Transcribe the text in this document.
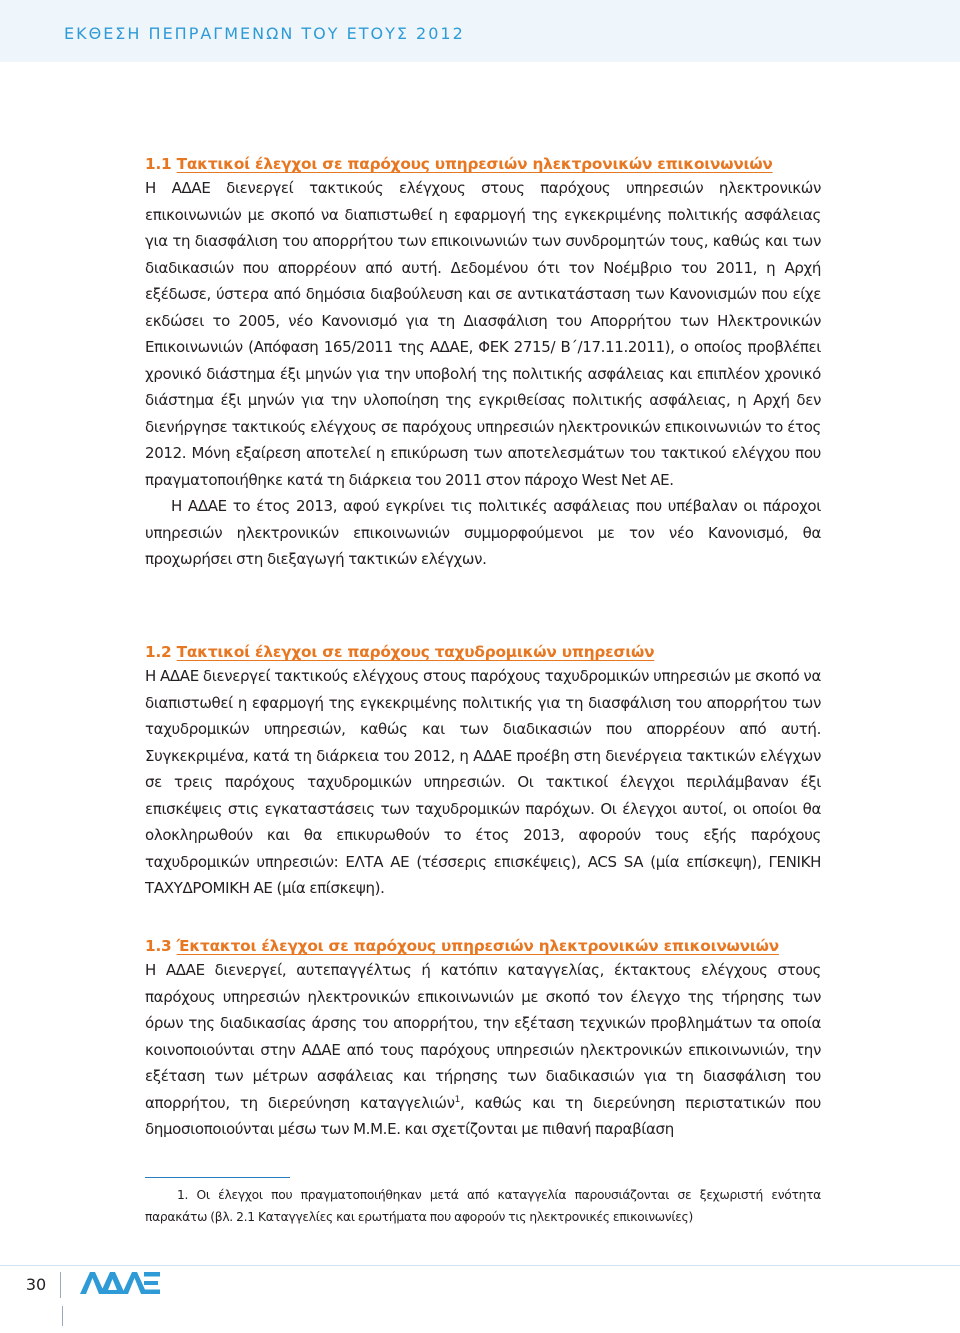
ΕΚΘΕΣΗ ΠΕΠΡΑΓΜΕΝΩΝ ΤΟΥ ΕΤΟΥΣ 2012
1.1 Τακτικοί έλεγχοι σε παρόχους υπηρεσιών ηλεκτρονικών επικοινωνιών

Η ΑΔΑΕ διενεργεί τακτικούς ελέγχους στους παρόχους υπηρεσιών ηλεκτρονικών επικοινωνιών με σκοπό να διαπιστωθεί η εφαρμογή της εγκεκριμένης πολιτικής ασφάλειας για τη διασφάλιση του απορρήτου των επικοινωνιών των συνδρομητών τους, καθώς και των διαδικασιών που απορρέουν από αυτή. Δεδομένου ότι τον Νοέμβριο του 2011, η Αρχή εξέδωσε, ύστερα από δημόσια διαβούλευση και σε αντικατάσταση των Κανονισμών που είχε εκδώσει το 2005, νέο Κανονισμό για τη Διασφάλιση του Απορρήτου των Ηλεκτρονικών Επικοινωνιών (Απόφαση 165/2011 της ΑΔΑΕ, ΦΕΚ 2715/ Β΄/17.11.2011), ο οποίος προβλέπει χρονικό διάστημα έξι μηνών για την υποβολή της πολιτικής ασφάλειας και επιπλέον χρονικό διάστημα έξι μηνών για την υλοποίηση της εγκριθείσας πολιτικής ασφάλειας, η Αρχή δεν διενήργησε τακτικούς ελέγχους σε παρόχους υπηρεσιών ηλεκτρονικών επικοινωνιών το έτος 2012. Μόνη εξαίρεση αποτελεί η επικύρωση των αποτελεσμάτων του τακτικού ελέγχου που πραγματοποιήθηκε κατά τη διάρκεια του 2011 στον πάροχο West Net AE.

Η ΑΔΑΕ το έτος 2013, αφού εγκρίνει τις πολιτικές ασφάλειας που υπέβαλαν οι πάροχοι υπηρεσιών ηλεκτρονικών επικοινωνιών συμμορφούμενοι με τον νέο Κανονισμό, θα προχωρήσει στη διεξαγωγή τακτικών ελέγχων.

1.2 Τακτικοί έλεγχοι σε παρόχους ταχυδρομικών υπηρεσιών

Η ΑΔΑΕ διενεργεί τακτικούς ελέγχους στους παρόχους ταχυδρομικών υπηρεσιών με σκοπό να διαπιστωθεί η εφαρμογή της εγκεκριμένης πολιτικής για τη διασφάλιση του απορρήτου των ταχυδρομικών υπηρεσιών, καθώς και των διαδικασιών που απορρέουν από αυτή. Συγκεκριμένα, κατά τη διάρκεια του 2012, η ΑΔΑΕ προέβη στη διενέργεια τακτικών ελέγχων σε τρεις παρόχους ταχυδρομικών υπηρεσιών. Οι τακτικοί έλεγχοι περιλάμβαναν έξι επισκέψεις στις εγκαταστάσεις των ταχυδρομικών παρόχων. Οι έλεγχοι αυτοί, οι οποίοι θα ολοκληρωθούν και θα επικυρωθούν το έτος 2013, αφορούν τους εξής παρόχους ταχυδρομικών υπηρεσιών: ΕΛΤΑ ΑΕ (τέσσερις επισκέψεις), ACS SA (μία επίσκεψη), ΓΕΝΙΚΗ ΤΑΧΥΔΡΟΜΙΚΗ ΑΕ (μία επίσκεψη).

1.3 Έκτακτοι έλεγχοι σε παρόχους υπηρεσιών ηλεκτρονικών επικοινωνιών

Η ΑΔΑΕ διενεργεί, αυτεπαγγέλτως ή κατόπιν καταγγελίας, έκτακτους ελέγχους στους παρόχους υπηρεσιών ηλεκτρονικών επικοινωνιών με σκοπό τον έλεγχο της τήρησης των όρων της διαδικασίας άρσης του απορρήτου, την εξέταση τεχνικών προβλημάτων τα οποία κοινοποιούνται στην ΑΔΑΕ από τους παρόχους υπηρεσιών ηλεκτρονικών επικοινωνιών, την εξέταση των μέτρων ασφάλειας και τήρησης των διαδικασιών για τη διασφάλιση του απορρήτου, τη διερεύνηση καταγγελιών$^1$, καθώς και τη διερεύνηση περιστατικών που δημοσιοποιούνται μέσω των Μ.Μ.Ε. και σχετίζονται με πιθανή παραβίαση

1. Οι έλεγχοι που πραγματοποιήθηκαν μετά από καταγγελία παρουσιάζονται σε ξεχωριστή ενότητα παρακάτω (βλ. 2.1 Καταγγελίες και ερωτήματα που αφορούν τις ηλεκτρονικές επικοινωνίες)
30
